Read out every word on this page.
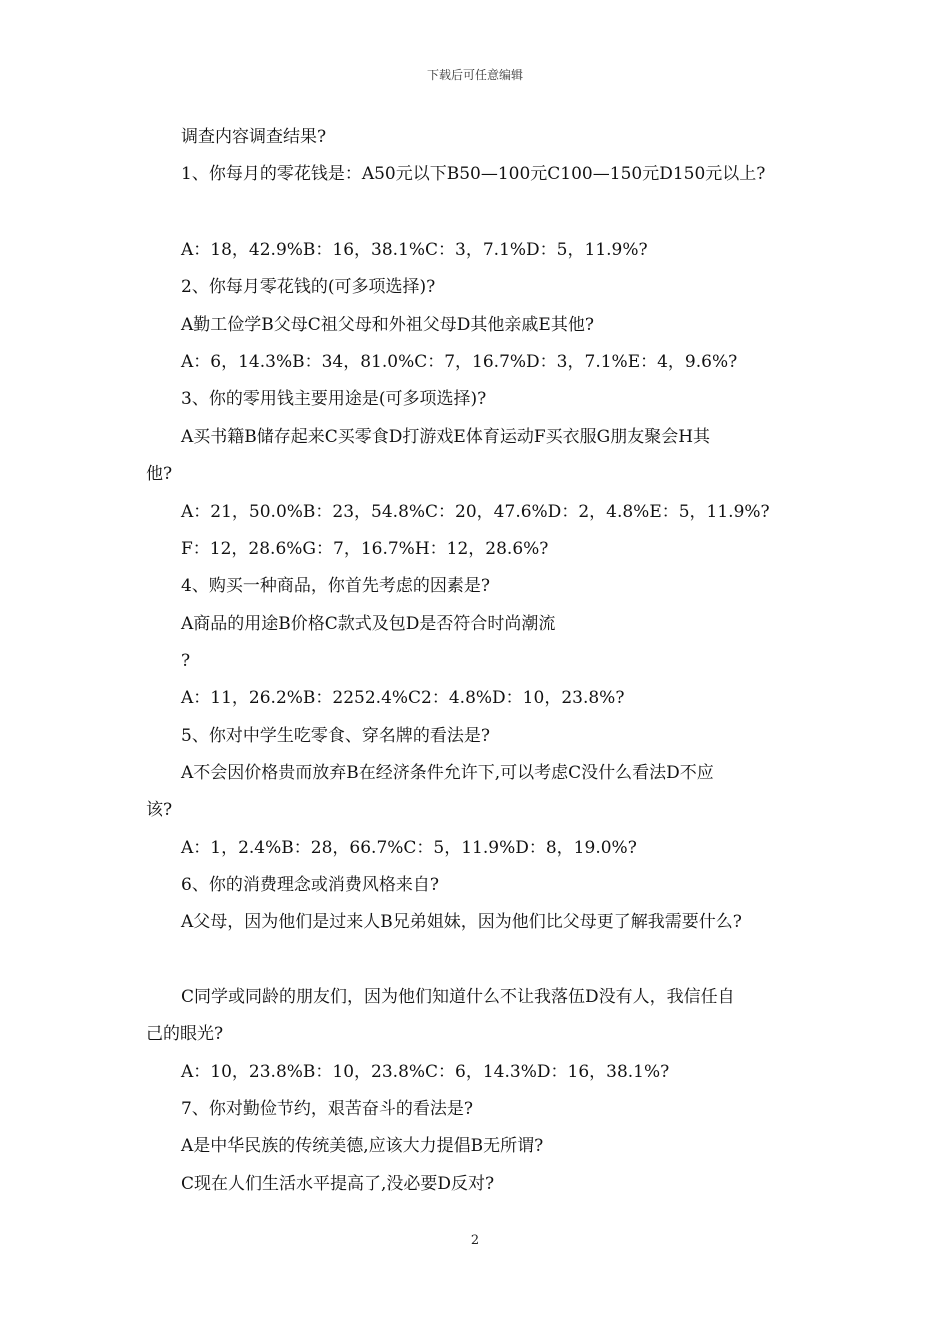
下载后可任意编辑
调查内容调查结果?
1、你每月的零花钱是：A50元以下B50—100元C100—150元D150元以上?
A：18，42.9%B：16，38.1%C：3，7.1%D：5，11.9%?
2、你每月零花钱的(可多项选择)?
A勤工俭学B父母C祖父母和外祖父母D其他亲戚E其他?
A：6，14.3%B：34，81.0%C：7，16.7%D：3，7.1%E：4，9.6%?
3、你的零用钱主要用途是(可多项选择)?
A买书籍B储存起来C买零食D打游戏E体育运动F买衣服G朋友聚会H其
他?
A：21，50.0%B：23，54.8%C：20，47.6%D：2，4.8%E：5，11.9%?
F：12，28.6%G：7，16.7%H：12，28.6%?
4、购买一种商品，你首先考虑的因素是?
A商品的用途B价格C款式及包D是否符合时尚潮流
?
A：11，26.2%B：2252.4%C2：4.8%D：10，23.8%?
5、你对中学生吃零食、穿名牌的看法是?
A不会因价格贵而放弃B在经济条件允许下,可以考虑C没什么看法D不应
该?
A：1，2.4%B：28，66.7%C：5，11.9%D：8，19.0%?
6、你的消费理念或消费风格来自?
A父母，因为他们是过来人B兄弟姐妹，因为他们比父母更了解我需要什么?
C同学或同龄的朋友们，因为他们知道什么不让我落伍D没有人，我信任自
己的眼光?
A：10，23.8%B：10，23.8%C：6，14.3%D：16，38.1%?
7、你对勤俭节约，艰苦奋斗的看法是?
A是中华民族的传统美德,应该大力提倡B无所谓?
C现在人们生活水平提高了,没必要D反对?
2
